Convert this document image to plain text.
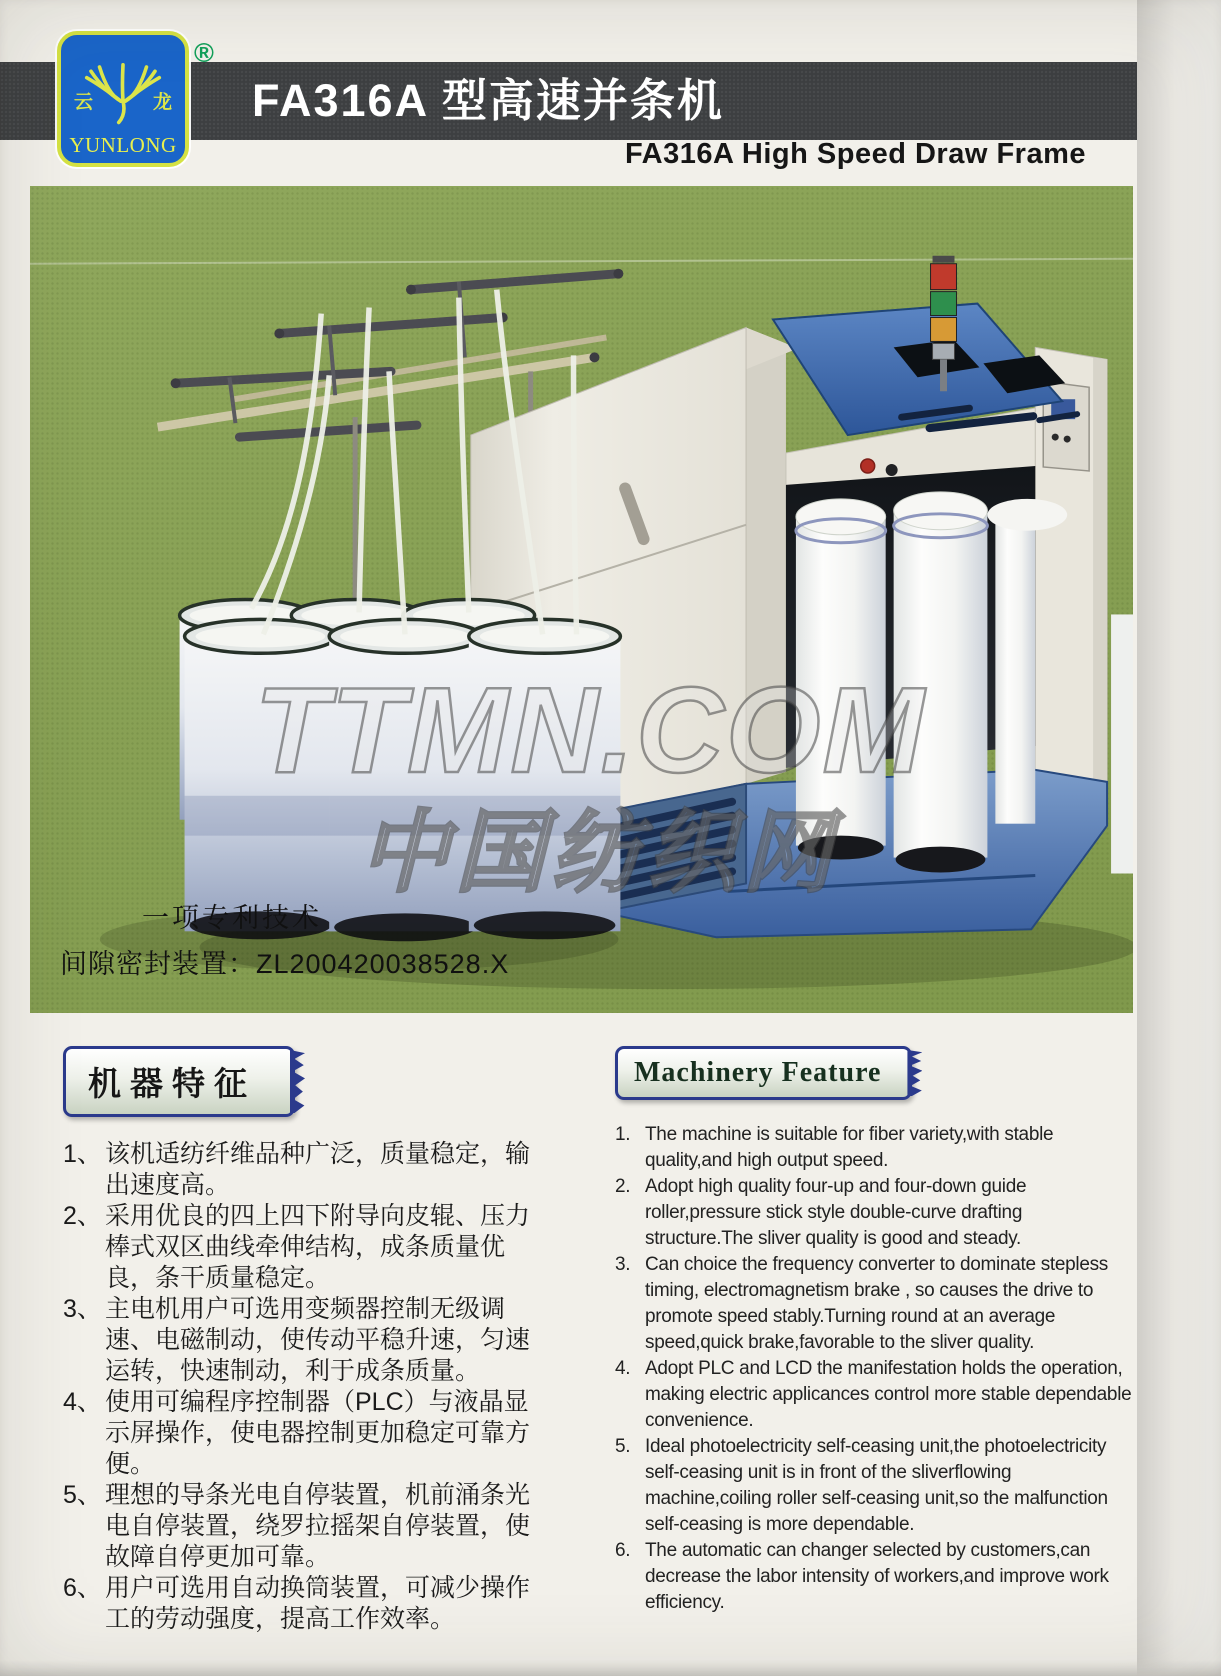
FA316A 型高速并条机
FA316A High Speed Draw Frame
云	龙
YUNLONG
®
TTMN.COM
中国纺织网
一项专利技术
间隙密封装置：ZL200420038528.X
机器特征
1、 该机适纺纤维品种广泛，质量稳定，输出速度高。
2、 采用优良的四上四下附导向皮辊、压力棒式双区曲线牵伸结构，成条质量优良，条干质量稳定。
3、 主电机用户可选用变频器控制无级调速、电磁制动，使传动平稳升速，匀速运转，快速制动，利于成条质量。
4、 使用可编程序控制器（PLC）与液晶显示屏操作，使电器控制更加稳定可靠方便。
5、 理想的导条光电自停装置，机前涌条光电自停装置，绕罗拉摇架自停装置，使故障自停更加可靠。
6、 用户可选用自动换筒装置，可减少操作工的劳动强度，提高工作效率。
Machinery Feature
1. The machine is suitable for fiber variety,with stable quality,and high output speed.
2. Adopt high quality four-up and four-down guide roller,pressure stick style double-curve drafting structure.The sliver quality is good and steady.
3. Can choice the frequency converter to dominate stepless timing, electromagnetism brake , so causes the drive to promote speed stably.Turning round at an average speed,quick brake,favorable to the sliver quality.
4. Adopt PLC and LCD the manifestation holds the operation, making electric applicances control more stable dependable convenience.
5. Ideal photoelectricity self-ceasing unit,the photoelectricity self-ceasing unit is in front of the sliverflowing machine,coiling roller self-ceasing unit,so the malfunction self-ceasing is more dependable.
6. The automatic can changer selected by customers,can decrease the labor intensity of workers,and improve work efficiency.
